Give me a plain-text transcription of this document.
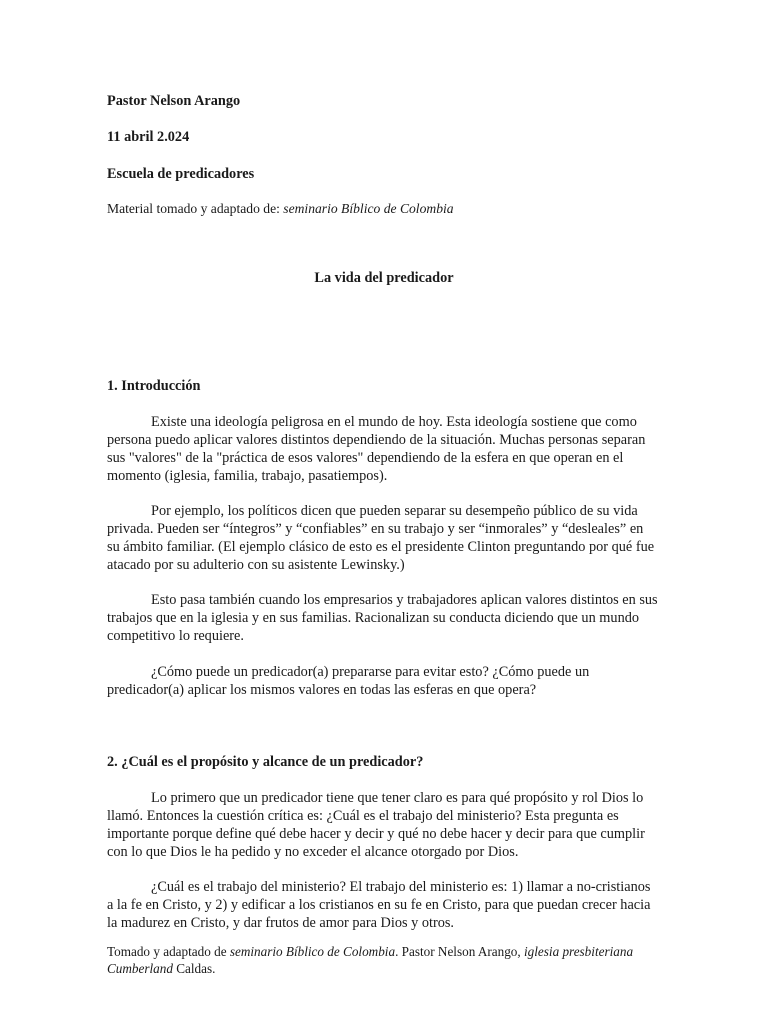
Pastor Nelson Arango
11 abril 2.024
Escuela de predicadores
Material tomado y adaptado de: seminario Bíblico de Colombia
La vida del predicador
1. Introducción

Existe una ideología peligrosa en el mundo de hoy. Esta ideología sostiene que como persona puedo aplicar valores distintos dependiendo de la situación. Muchas personas separan sus "valores" de la "práctica de esos valores" dependiendo de la esfera en que operan en el momento (iglesia, familia, trabajo, pasatiempos).

Por ejemplo, los políticos dicen que pueden separar su desempeño público de su vida privada. Pueden ser “íntegros” y “confiables” en su trabajo y ser “inmorales” y “desleales” en su ámbito familiar. (El ejemplo clásico de esto es el presidente Clinton preguntando por qué fue atacado por su adulterio con su asistente Lewinsky.)

Esto pasa también cuando los empresarios y trabajadores aplican valores distintos en sus trabajos que en la iglesia y en sus familias. Racionalizan su conducta diciendo que un mundo competitivo lo requiere.

¿Cómo puede un predicador(a) prepararse para evitar esto? ¿Cómo puede un predicador(a) aplicar los mismos valores en todas las esferas en que opera?

2. ¿Cuál es el propósito y alcance de un predicador?

Lo primero que un predicador tiene que tener claro es para qué propósito y rol Dios lo llamó. Entonces la cuestión crítica es: ¿Cuál es el trabajo del ministerio? Esta pregunta es importante porque define qué debe hacer y decir y qué no debe hacer y decir para que cumplir con lo que Dios le ha pedido y no exceder el alcance otorgado por Dios.

¿Cuál es el trabajo del ministerio? El trabajo del ministerio es: 1) llamar a no-cristianos a la fe en Cristo, y 2) y edificar a los cristianos en su fe en Cristo, para que puedan crecer hacia la madurez en Cristo, y dar frutos de amor para Dios y otros.

Tomado y adaptado de seminario Bíblico de Colombia. Pastor Nelson Arango, iglesia presbiteriana Cumberland Caldas.
